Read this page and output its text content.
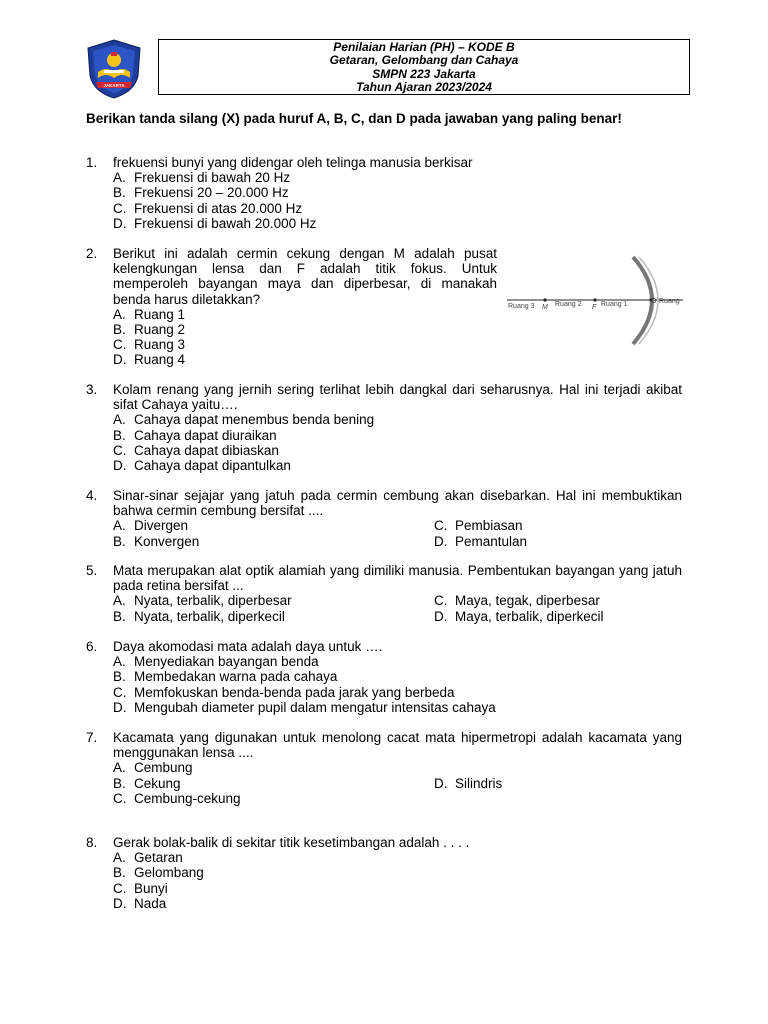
JAKARTA
Penilaian Harian (PH) – KODE B
Getaran, Gelombang dan Cahaya
SMPN 223 Jakarta
Tahun Ajaran 2023/2024
Berikan tanda silang (X) pada huruf A, B, C, dan D pada jawaban yang paling benar!
1. frekuensi bunyi yang didengar oleh telinga manusia berkisar
A. Frekuensi di bawah 20 Hz
B. Frekuensi 20 – 20.000 Hz
C. Frekuensi di atas 20.000 Hz
D. Frekuensi di bawah 20.000 Hz
2. Berikut ini adalah cermin cekung dengan M adalah pusat kelengkungan lensa dan F adalah titik fokus. Untuk memperoleh bayangan maya dan diperbesar, di manakah benda harus diletakkan?
A. Ruang 1
B. Ruang 2
C. Ruang 3
D. Ruang 4
Ruang 3 M Ruang 2 F Ruang 1	O Ruang
3. Kolam renang yang jernih sering terlihat lebih dangkal dari seharusnya. Hal ini terjadi akibat sifat Cahaya yaitu….
A. Cahaya dapat menembus benda bening
B. Cahaya dapat diuraikan
C. Cahaya dapat dibiaskan
D. Cahaya dapat dipantulkan
4. Sinar-sinar sejajar yang jatuh pada cermin cembung akan disebarkan. Hal ini membuktikan bahwa cermin cembung bersifat ....
A. Divergen	C. Pembiasan
B. Konvergen	D. Pemantulan
5. Mata merupakan alat optik alamiah yang dimiliki manusia. Pembentukan bayangan yang jatuh pada retina bersifat ...
A. Nyata, terbalik, diperbesar	C. Maya, tegak, diperbesar
B. Nyata, terbalik, diperkecil	D. Maya, terbalik, diperkecil
6. Daya akomodasi mata adalah daya untuk ….
A. Menyediakan bayangan benda
B. Membedakan warna pada cahaya
C. Memfokuskan benda-benda pada jarak yang berbeda
D. Mengubah diameter pupil dalam mengatur intensitas cahaya
7. Kacamata yang digunakan untuk menolong cacat mata hipermetropi adalah kacamata yang menggunakan lensa ....
A. Cembung
B. Cekung	D. Silindris
C. Cembung-cekung
8. Gerak bolak-balik di sekitar titik kesetimbangan adalah . . . .
A. Getaran
B. Gelombang
C. Bunyi
D. Nada
